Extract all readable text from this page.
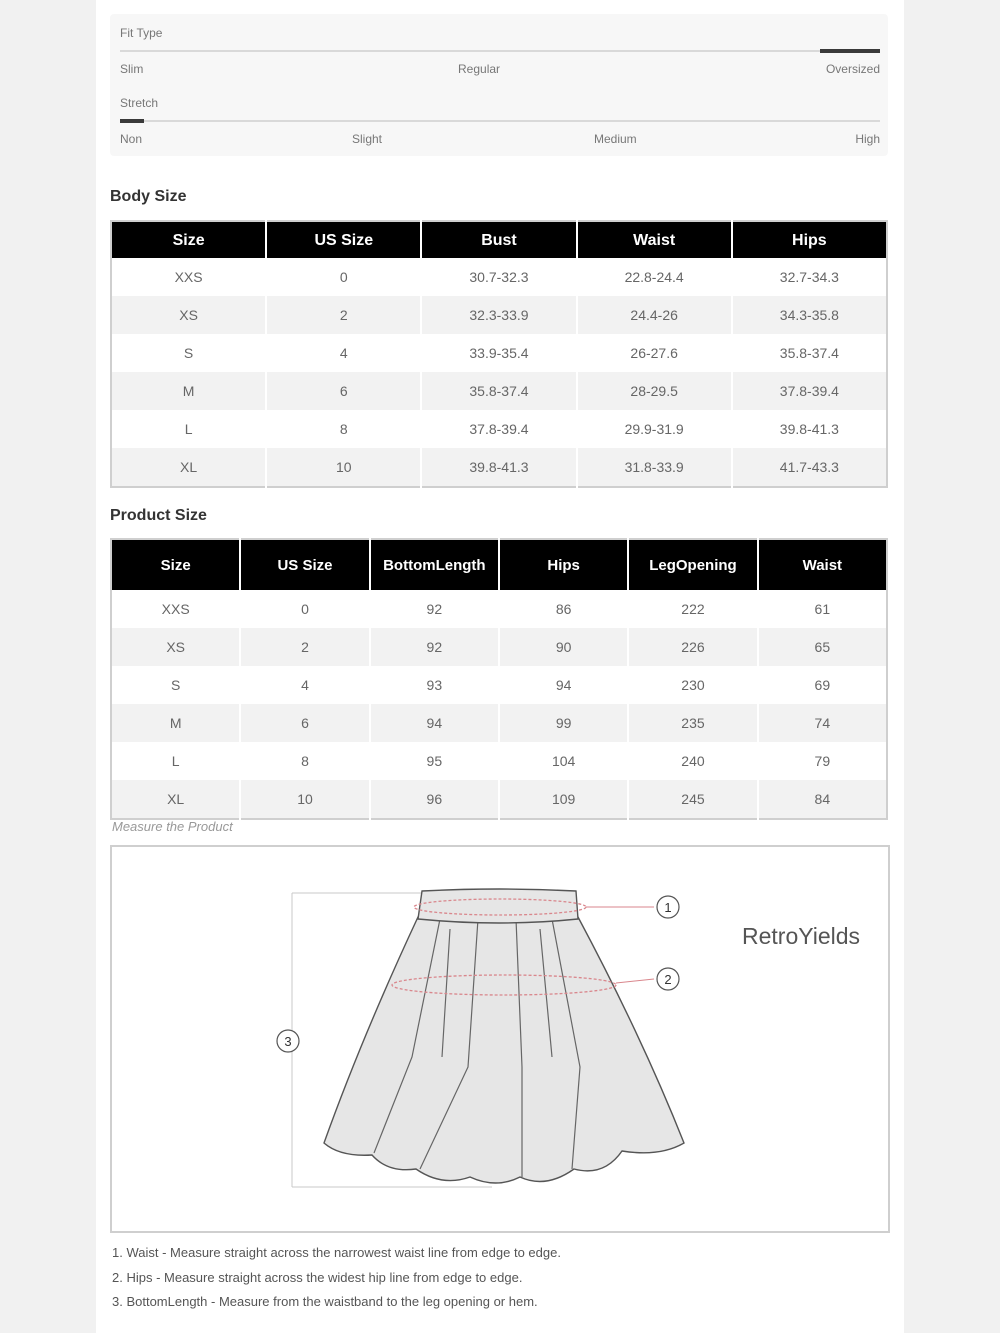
Fit Type
Slim	Regular	Oversized
Stretch
Non	Slight	Medium	High
Body Size
Size	US Size	Bust	Waist	Hips
XXS	0	30.7-32.3	22.8-24.4	32.7-34.3
XS	2	32.3-33.9	24.4-26	34.3-35.8
S	4	33.9-35.4	26-27.6	35.8-37.4
M	6	35.8-37.4	28-29.5	37.8-39.4
L	8	37.8-39.4	29.9-31.9	39.8-41.3
XL	10	39.8-41.3	31.8-33.9	41.7-43.3
Product Size
Size	US Size	BottomLength	Hips	LegOpening	Waist
XXS	0	92	86	222	61
XS	2	92	90	226	65
S	4	93	94	230	69
M	6	94	99	235	74
L	8	95	104	240	79
XL	10	96	109	245	84
Measure the Product
1
2
3
RetroYields
1. Waist - Measure straight across the narrowest waist line from edge to edge.
2. Hips - Measure straight across the widest hip line from edge to edge.
3. BottomLength - Measure from the waistband to the leg opening or hem.
